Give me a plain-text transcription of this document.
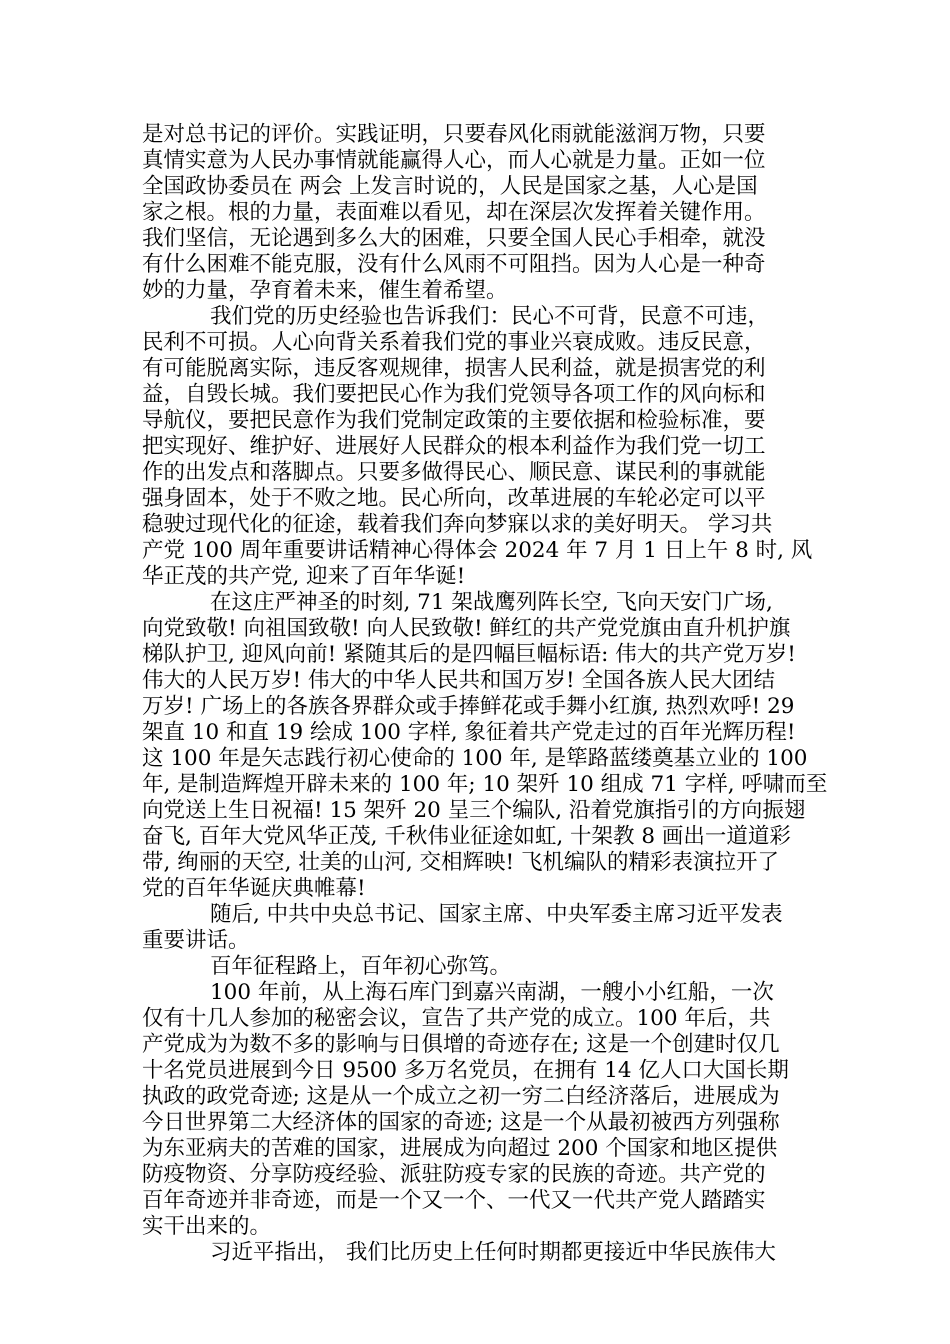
是对总书记的评价。实践证明，只要春风化雨就能滋润万物，只要
真情实意为人民办事情就能赢得人心，而人心就是力量。正如一位
全国政协委员在 两会 上发言时说的，人民是国家之基，人心是国
家之根。根的力量，表面难以看见，却在深层次发挥着关键作用。
我们坚信，无论遇到多么大的困难，只要全国人民心手相牵，就没
有什么困难不能克服，没有什么风雨不可阻挡。因为人心是一种奇
妙的力量，孕育着未来，催生着希望。
我们党的历史经验也告诉我们：民心不可背，民意不可违，
民利不可损。人心向背关系着我们党的事业兴衰成败。违反民意，
有可能脱离实际，违反客观规律，损害人民利益，就是损害党的利
益，自毁长城。我们要把民心作为我们党领导各项工作的风向标和
导航仪，要把民意作为我们党制定政策的主要依据和检验标准，要
把实现好、维护好、进展好人民群众的根本利益作为我们党一切工
作的出发点和落脚点。只要多做得民心、顺民意、谋民利的事就能
强身固本，处于不败之地。民心所向，改革进展的车轮必定可以平
稳驶过现代化的征途，载着我们奔向梦寐以求的美好明天。 学习共
产党 100 周年重要讲话精神心得体会 2024 年 7 月 1 日上午 8 时, 风
华正茂的共产党, 迎来了百年华诞!
在这庄严神圣的时刻, 71 架战鹰列阵长空, 飞向天安门广场,
向党致敬! 向祖国致敬! 向人民致敬! 鲜红的共产党党旗由直升机护旗
梯队护卫, 迎风向前! 紧随其后的是四幅巨幅标语: 伟大的共产党万岁!
伟大的人民万岁! 伟大的中华人民共和国万岁! 全国各族人民大团结
万岁! 广场上的各族各界群众或手捧鲜花或手舞小红旗, 热烈欢呼! 29
架直 10 和直 19 绘成 100 字样, 象征着共产党走过的百年光辉历程!
这 100 年是矢志践行初心使命的 100 年, 是筚路蓝缕奠基立业的 100
年, 是制造辉煌开辟未来的 100 年; 10 架歼 10 组成 71 字样, 呼啸而至
向党送上生日祝福! 15 架歼 20 呈三个编队, 沿着党旗指引的方向振翅
奋飞, 百年大党风华正茂, 千秋伟业征途如虹, 十架教 8 画出一道道彩
带, 绚丽的天空, 壮美的山河, 交相辉映! 飞机编队的精彩表演拉开了
党的百年华诞庆典帷幕!
随后, 中共中央总书记、国家主席、中央军委主席习近平发表
重要讲话。
百年征程路上，百年初心弥笃。
100 年前，从上海石库门到嘉兴南湖，一艘小小红船，一次
仅有十几人参加的秘密会议，宣告了共产党的成立。100 年后，共
产党成为为数不多的影响与日俱增的奇迹存在; 这是一个创建时仅几
十名党员进展到今日 9500 多万名党员，在拥有 14 亿人口大国长期
执政的政党奇迹; 这是从一个成立之初一穷二白经济落后，进展成为
今日世界第二大经济体的国家的奇迹; 这是一个从最初被西方列强称
为东亚病夫的苦难的国家，进展成为向超过 200 个国家和地区提供
防疫物资、分享防疫经验、派驻防疫专家的民族的奇迹。共产党的
百年奇迹并非奇迹，而是一个又一个、一代又一代共产党人踏踏实
实干出来的。
习近平指出， 我们比历史上任何时期都更接近中华民族伟大
